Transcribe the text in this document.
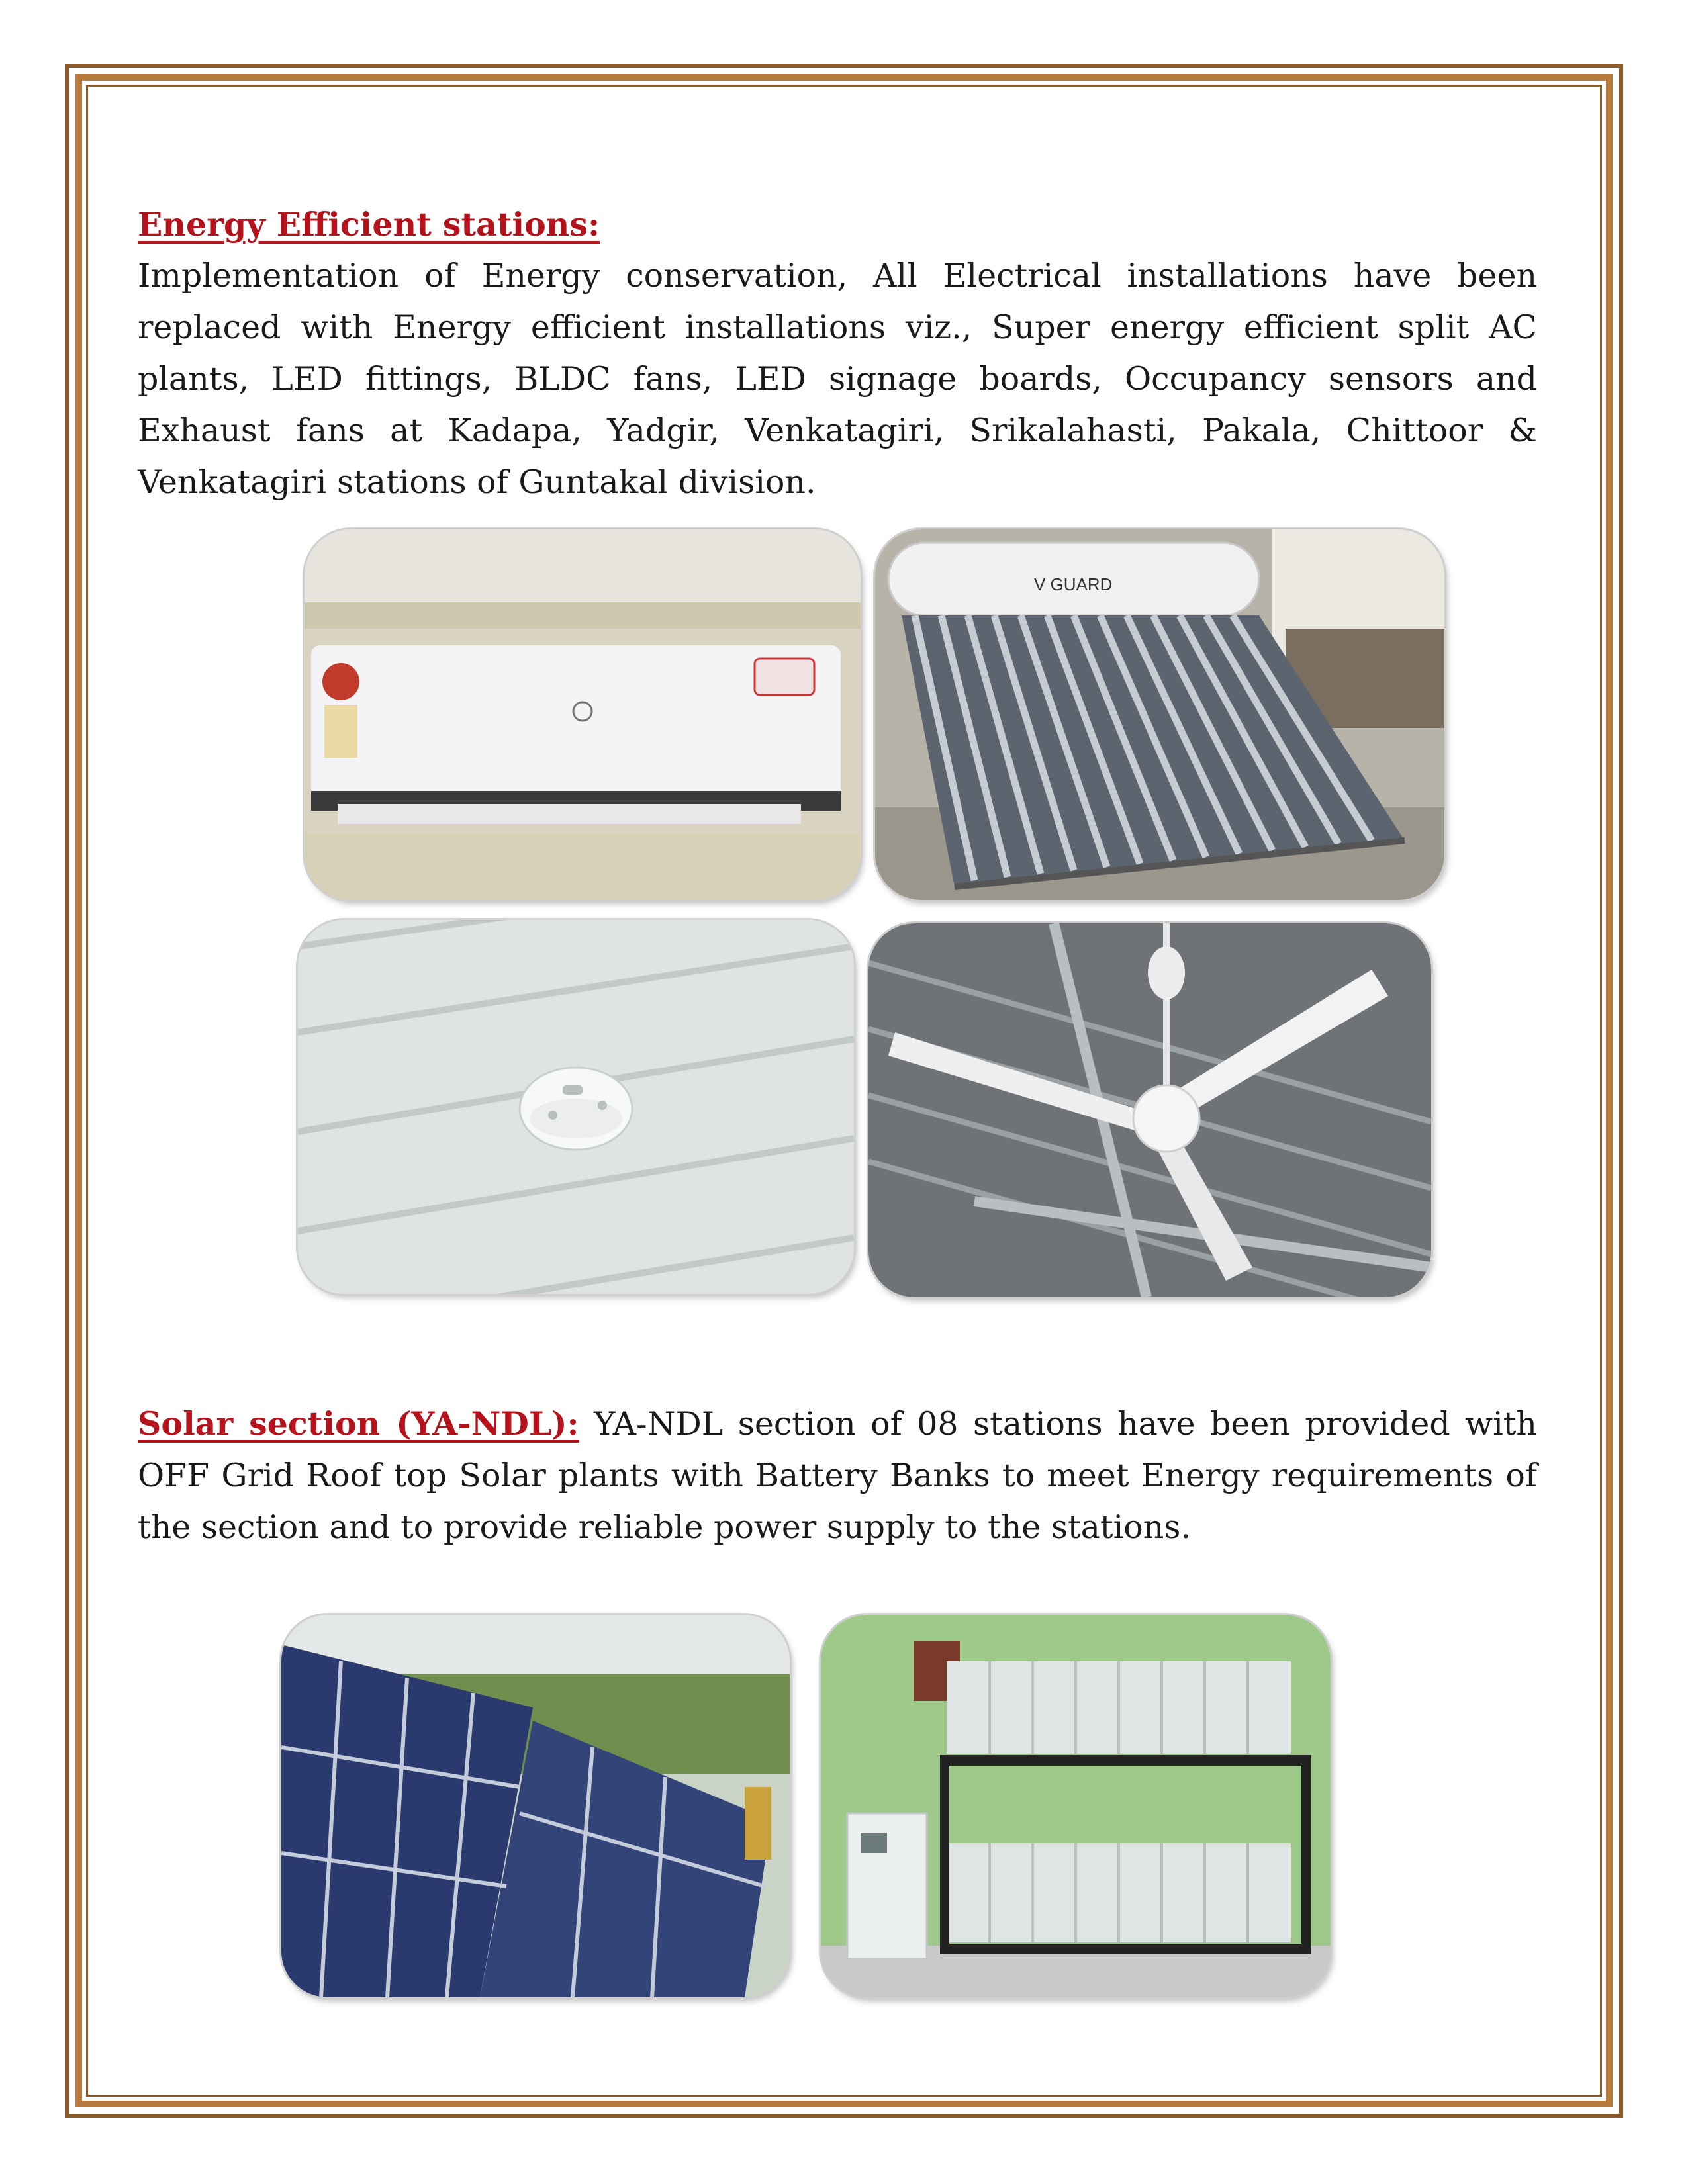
Energy Efficient stations:

Implementation of Energy conservation, All Electrical installations have been replaced with Energy efficient installations viz., Super energy efficient split AC plants, LED fittings, BLDC fans, LED signage boards, Occupancy sensors and Exhaust fans at Kadapa, Yadgir, Venkatagiri, Srikalahasti, Pakala, Chittoor & Venkatagiri stations of Guntakal division.

V GUARD

Solar section (YA-NDL): YA-NDL section of 08 stations have been provided with OFF Grid Roof top Solar plants with Battery Banks to meet Energy requirements of the section and to provide reliable power supply to the stations.
